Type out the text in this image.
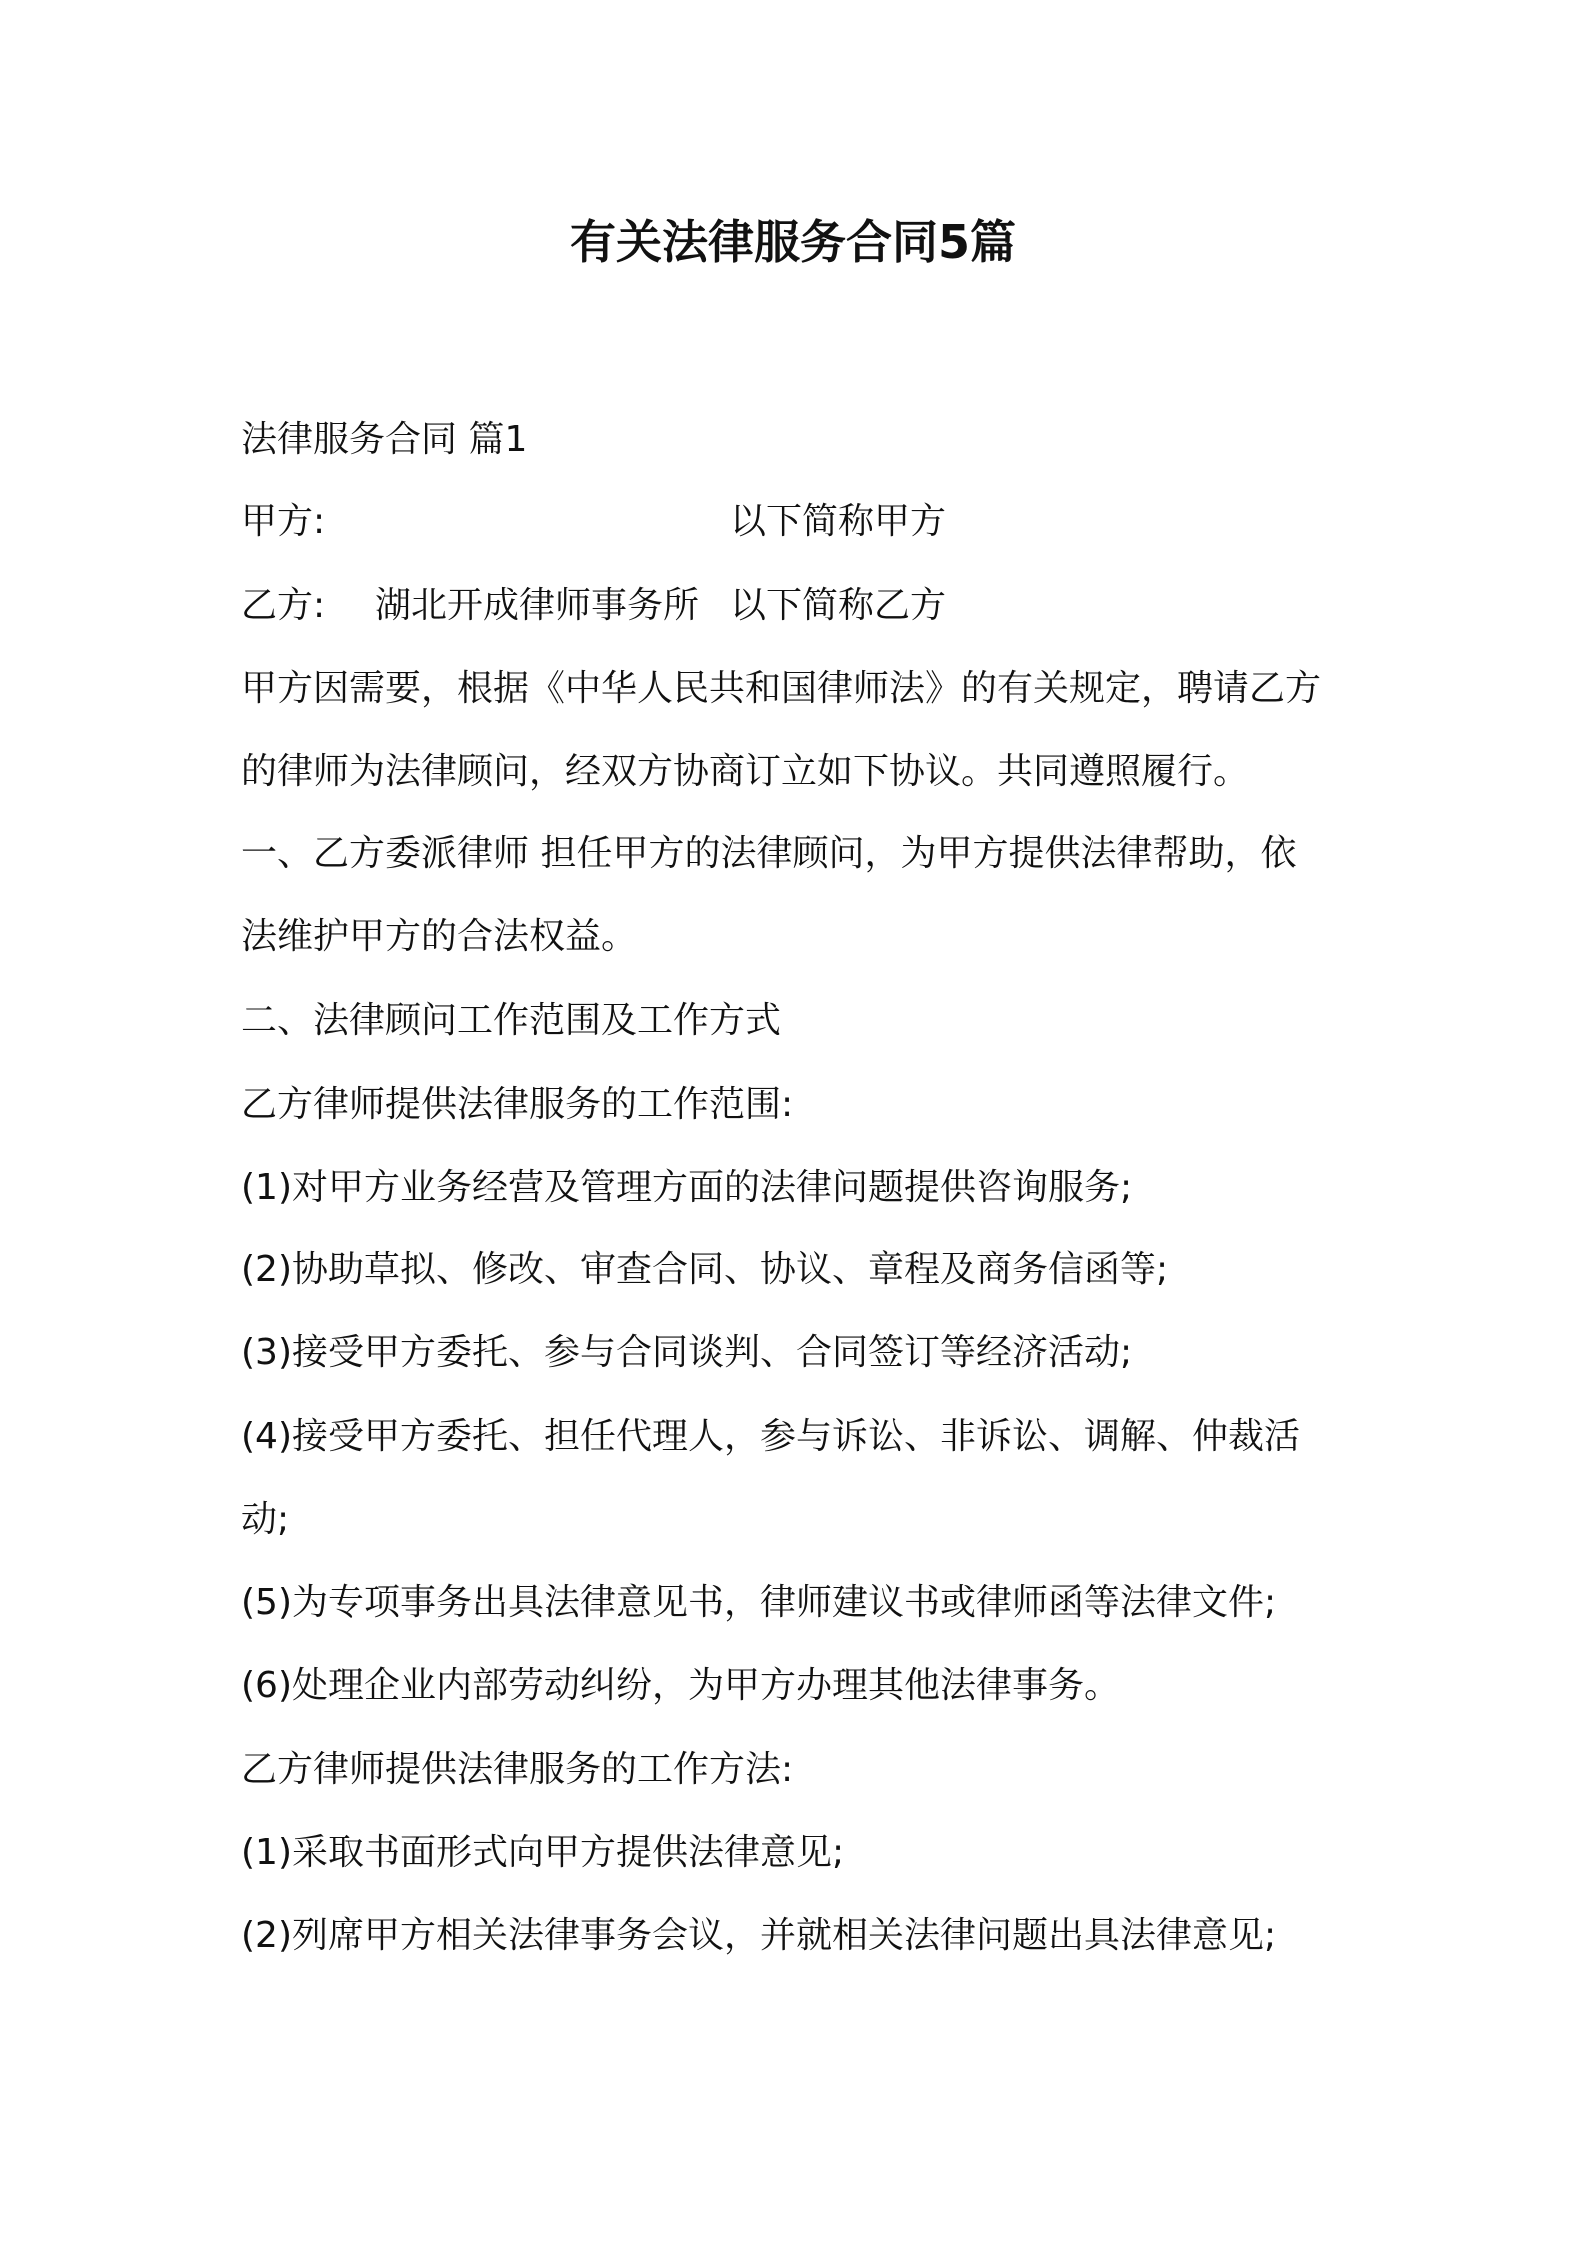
有关法律服务合同5篇
法律服务合同 篇1
甲方:	以下简称甲方
乙方: 湖北开成律师事务所 以下简称乙方
甲方因需要，根据《中华人民共和国律师法》的有关规定，聘请乙方
的律师为法律顾问，经双方协商订立如下协议。共同遵照履行。
一、乙方委派律师 担任甲方的法律顾问，为甲方提供法律帮助，依
法维护甲方的合法权益。
二、法律顾问工作范围及工作方式
乙方律师提供法律服务的工作范围:
(1)对甲方业务经营及管理方面的法律问题提供咨询服务;
(2)协助草拟、修改、审查合同、协议、章程及商务信函等;
(3)接受甲方委托、参与合同谈判、合同签订等经济活动;
(4)接受甲方委托、担任代理人，参与诉讼、非诉讼、调解、仲裁活
动;
(5)为专项事务出具法律意见书，律师建议书或律师函等法律文件;
(6)处理企业内部劳动纠纷，为甲方办理其他法律事务。
乙方律师提供法律服务的工作方法:
(1)采取书面形式向甲方提供法律意见;
(2)列席甲方相关法律事务会议，并就相关法律问题出具法律意见;
